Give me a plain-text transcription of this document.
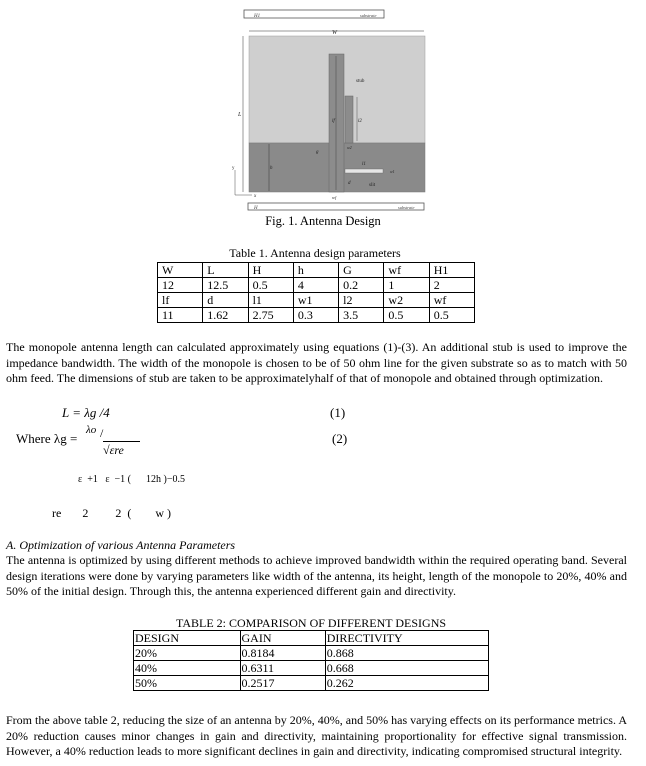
H1	substrate
W
L
stub
lf	l2
w2
g
h
l1
w1
d	slit
wf
y
x
H	substrate
Fig. 1. Antenna Design
Table 1. Antenna design parameters
W	L	H	h	G	wf	H1
12	12.5	0.5	4	0.2	1	2
lf	d	l1	w1	l2	w2	wf
11	1.62	2.75	0.3	3.5	0.5	0.5
The monopole antenna length can calculated approximately using equations (1)-(3). An additional stub is used to improve the impedance bandwidth. The width of the monopole is chosen to be of 50 ohm line for the given substrate so as to match with 50 ohm feed. The dimensions of stub are taken to be approximatelyhalf of that of monopole and obtained through optimization.
L = λg /4	(1)
Where λg =
λo /
√εre
(2)
ε  +1   ε  −1 (      12h )−0.5
re       2         2  (        w )
A. Optimization of various Antenna Parameters
The antenna is optimized by using different methods to achieve improved bandwidth within the required operating band. Several design iterations were done by varying parameters like width of the antenna, its height, length of the monopole to 20%, 40% and 50% of the initial design. Through this, the antenna experienced different gain and directivity.
TABLE 2: COMPARISON OF DIFFERENT DESIGNS
DESIGN	GAIN	DIRECTIVITY
20%	0.8184	0.868
40%	0.6311	0.668
50%	0.2517	0.262
From the above table 2, reducing the size of an antenna by 20%, 40%, and 50% has varying effects on its performance metrics. A 20% reduction causes minor changes in gain and directivity, maintaining proportionality for effective signal transmission. However, a 40% reduction leads to more significant declines in gain and directivity, indicating compromised structural integrity.
